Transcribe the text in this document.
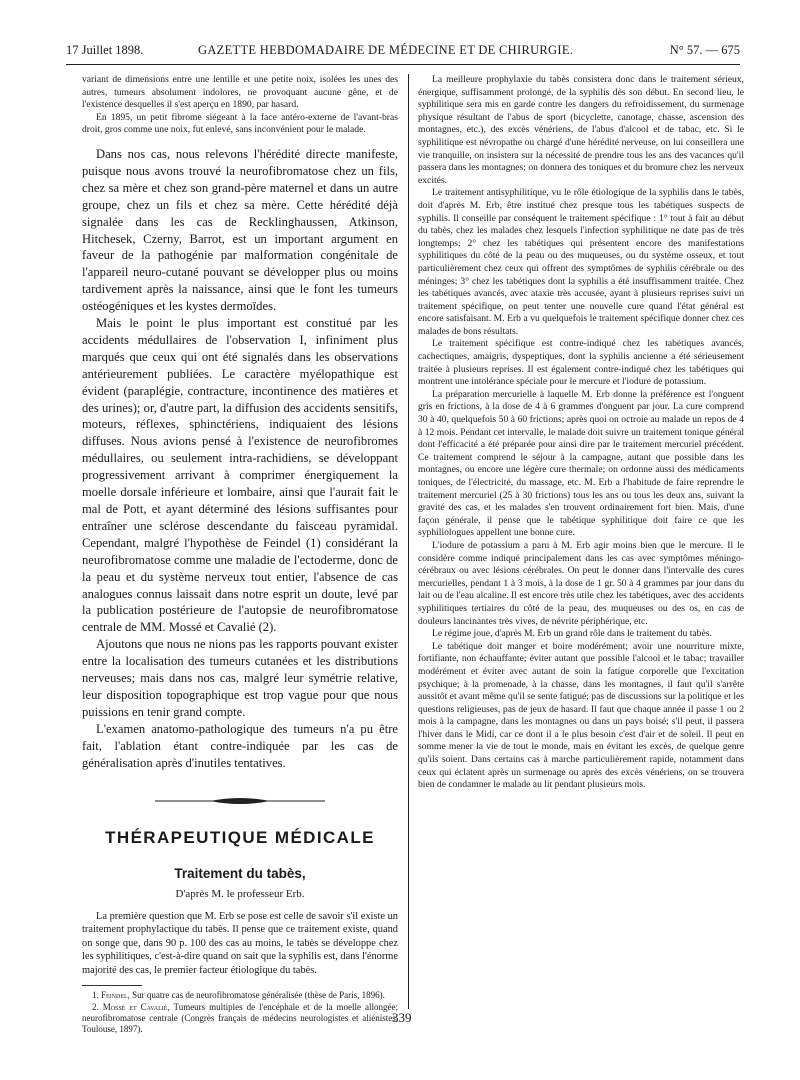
17 Juillet 1898.	GAZETTE HEBDOMADAIRE DE MÉDECINE ET DE CHIRURGIE.	N° 57. — 675

variant de dimensions entre une lentille et une petite noix, isolées les unes des autres, tumeurs absolument indolores, ne provoquant aucune gêne, et de l'existence desquelles il s'est aperçu en 1890, par hasard.

En 1895, un petit fibrome siégeant à la face antéro-externe de l'avant-bras droit, gros comme une noix, fut enlevé, sans inconvénient pour le malade.

Dans nos cas, nous relevons l'hérédité directe manifeste, puisque nous avons trouvé la neurofibromatose chez un fils, chez sa mère et chez son grand-père maternel et dans un autre groupe, chez un fils et chez sa mère. Cette hérédité déjà signalée dans les cas de Recklinghaussen, Atkinson, Hitchesek, Czerny, Barrot, est un important argument en faveur de la pathogénie par malformation congénitale de l'appareil neuro-cutané pouvant se développer plus ou moins tardivement après la naissance, ainsi que le font les tumeurs ostéogéniques et les kystes dermoïdes.

Mais le point le plus important est constitué par les accidents médullaires de l'observation I, infiniment plus marqués que ceux qui ont été signalés dans les observations antérieurement publiées. Le caractère myélopathique est évident (paraplégie, contracture, incontinence des matières et des urines); or, d'autre part, la diffusion des accidents sensitifs, moteurs, réflexes, sphinctériens, indiquaient des lésions diffuses. Nous avions pensé à l'existence de neurofibromes médullaires, ou seulement intra-rachidiens, se développant progressivement arrivant à comprimer énergiquement la moelle dorsale inférieure et lombaire, ainsi que l'aurait fait le mal de Pott, et ayant déterminé des lésions suffisantes pour entraîner une sclérose descendante du faisceau pyramidal. Cependant, malgré l'hypothèse de Feindel (1) considérant la neurofibromatose comme une maladie de l'ectoderme, donc de la peau et du système nerveux tout entier, l'absence de cas analogues connus laissait dans notre esprit un doute, levé par la publication postérieure de l'autopsie de neurofibromatose centrale de MM. Mossé et Cavalié (2).

Ajoutons que nous ne nions pas les rapports pouvant exister entre la localisation des tumeurs cutanées et les distributions nerveuses; mais dans nos cas, malgré leur symétrie relative, leur disposition topographique est trop vague pour que nous puissions en tenir grand compte.

L'examen anatomo-pathologique des tumeurs n'a pu être fait, l'ablation étant contre-indiquée par les cas de généralisation après d'inutiles tentatives.

THÉRAPEUTIQUE MÉDICALE
Traitement du tabès,
D'après M. le professeur Erb.

La première question que M. Erb se pose est celle de savoir s'il existe un traitement prophylactique du tabès. Il pense que ce traitement existe, quand on songe que, dans 90 p. 100 des cas au moins, le tabès se développe chez les syphilitiques, c'est-à-dire quand on sait que la syphilis est, dans l'énorme majorité des cas, le premier facteur étiologique du tabès.

1. Feindel, Sur quatre cas de neurofibromatose généralisée (thèse de Paris, 1896).

2. Mossé et Cavalié, Tumeurs multiples de l'encéphale et de la moelle allongée; neurofibromatose centrale (Congrès français de médecins neurologistes et aliénistes, Toulouse, 1897).

La meilleure prophylaxie du tabès consistera donc dans le traitement sérieux, énergique, suffisamment prolongé, de la syphilis dès son début. En second lieu, le syphilitique sera mis en garde contre les dangers du refroidissement, du surmenage physique résultant de l'abus de sport (bicyclette, canotage, chasse, ascension des montagnes, etc.), des excès vénériens, de l'abus d'alcool et de tabac, etc. Si le syphilitique est névropathe ou chargé d'une hérédité nerveuse, on lui conseillera une vie tranquille, on insistera sur la nécessité de prendre tous les ans des vacances qu'il passera dans les montagnes; on donnera des toniques et du bromure chez les nerveux excités.

Le traitement antisyphilitique, vu le rôle étiologique de la syphilis dans le tabès, doit d'après M. Erb, être institué chez presque tous les tabétiques suspects de syphilis. Il conseille par conséquent le traitement spécifique : 1° tout à fait au début du tabès, chez les malades chez lesquels l'infection syphilitique ne date pas de très longtemps; 2° chez les tabétiques qui présentent encore des manifestations syphilitiques du côté de la peau ou des muqueuses, ou du système osseux, et tout particulièrement chez ceux qui offrent des symptômes de syphilis cérébrale ou des méninges; 3° chez les tabétiques dont la syphilis a été insuffisamment traitée. Chez les tabétiques avancés, avec ataxie très accusée, ayant à plusieurs reprises suivi un traitement spécifique, on peut tenter une nouvelle cure quand l'état général est encore satisfaisant. M. Erb a vu quelquefois le traitement spécifique donner chez ces malades de bons résultats.

Le traitement spécifique est contre-indiqué chez les tabétiques avancés, cachectiques, amaigris, dyspeptiques, dont la syphilis ancienne a été sérieusement traitée à plusieurs reprises. Il est également contre-indiqué chez les tabétiques qui montrent une intolérance spéciale pour le mercure et l'iodure de potassium.

La préparation mercurielle à laquelle M. Erb donne la préférence est l'onguent gris en frictions, à la dose de 4 à 6 grammes d'onguent par jour. La cure comprend 30 à 40, quelquefois 50 à 60 frictions; après quoi on octroie au malade un repos de 4 à 12 mois. Pendant cet intervalle, le malade doit suivre un traitement tonique général dont l'efficacité a été préparée pour ainsi dire par le traitement mercuriel précédent. Ce traitement comprend le séjour à la campagne, autant que possible dans les montagnes, ou encore une légère cure thermale; on ordonne aussi des médicaments toniques, de l'électricité, du massage, etc. M. Erb a l'habitude de faire reprendre le traitement mercuriel (25 à 30 frictions) tous les ans ou tous les deux ans, suivant la gravité des cas, et les malades s'en trouvent ordinairement fort bien. Mais, d'une façon générale, il pense que le tabétique syphilitique doit faire ce que les syphiliologues appellent une bonne cure.

L'iodure de potassium a paru à M. Erb agir moins bien que le mercure. Il le considère comme indiqué principalement dans les cas avec symptômes méningo-cérébraux ou avec lésions cérébrales. On peut le donner dans l'intervalle des cures mercurielles, pendant 1 à 3 mois, à la dose de 1 gr. 50 à 4 grammes par jour dans du lait ou de l'eau alcaline. Il est encore très utile chez les tabétiques, avec des accidents syphilitiques tertiaires du côté de la peau, des muqueuses ou des os, en cas de douleurs lancinantes très vives, de névrite périphérique, etc.

Le régime joue, d'après M. Erb un grand rôle dans le traitement du tabès.

Le tabétique doit manger et boire modérément; avoir une nourriture mixte, fortifiante, non échauffante; éviter autant que possible l'alcool et le tabac; travailler modérément et éviter avec autant de soin la fatigue corporelle que l'excitation psychique; à la promenade, à la chasse, dans les montagnes, il faut qu'il s'arrête aussitôt et avant même qu'il se sente fatigué; pas de discussions sur la politique et les questions religieuses, pas de jeux de hasard. Il faut que chaque année il passe 1 ou 2 mois à la campagne, dans les montagnes ou dans un pays boisé; s'il peut, il passera l'hiver dans le Midi, car ce dont il a le plus besoin c'est d'air et de soleil. Il peut en somme mener la vie de tout le monde, mais en évitant les excès, de quelque genre qu'ils soient. Dans certains cas à marche particulièrement rapide, notamment dans ceux qui éclatent après un surmenage ou après des excès vénériens, on se trouvera bien de condamner le malade au lit pendant plusieurs mois.

339
